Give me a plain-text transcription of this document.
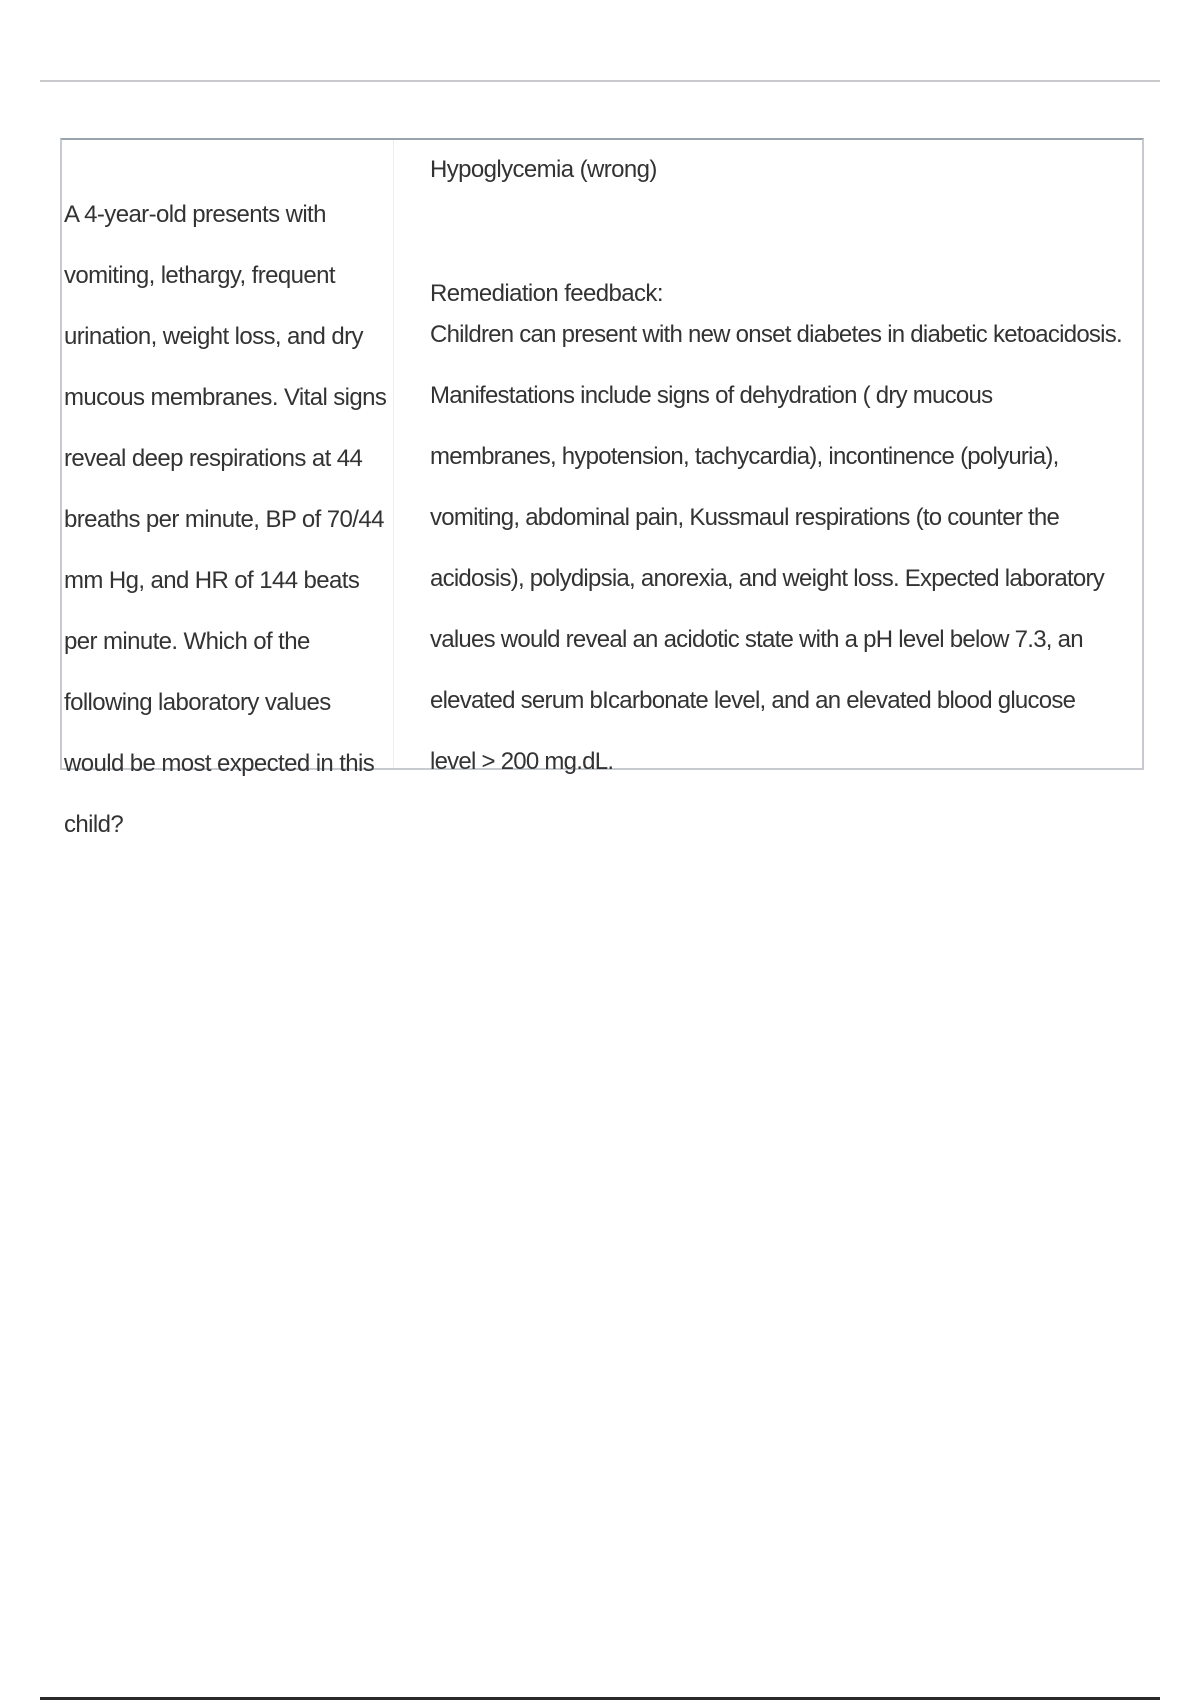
A 4-year-old presents with vomiting, lethargy, frequent urination, weight loss, and dry mucous membranes. Vital signs reveal deep respirations at 44 breaths per minute, BP of 70/44 mm Hg, and HR of 144 beats per minute. Which of the following laboratory values would be most expected in this child?

Hypoglycemia (wrong)

Remediation feedback:

Children can present with new onset diabetes in diabetic ketoacidosis. Manifestations include signs of dehydration ( dry mucous membranes, hypotension, tachycardia), incontinence (polyuria), vomiting, abdominal pain, Kussmaul respirations (to counter the acidosis), polydipsia, anorexia, and weight loss. Expected laboratory values would reveal an acidotic state with a pH level below 7.3, an elevated serum bIcarbonate level, and an elevated blood glucose level > 200 mg.dL.
